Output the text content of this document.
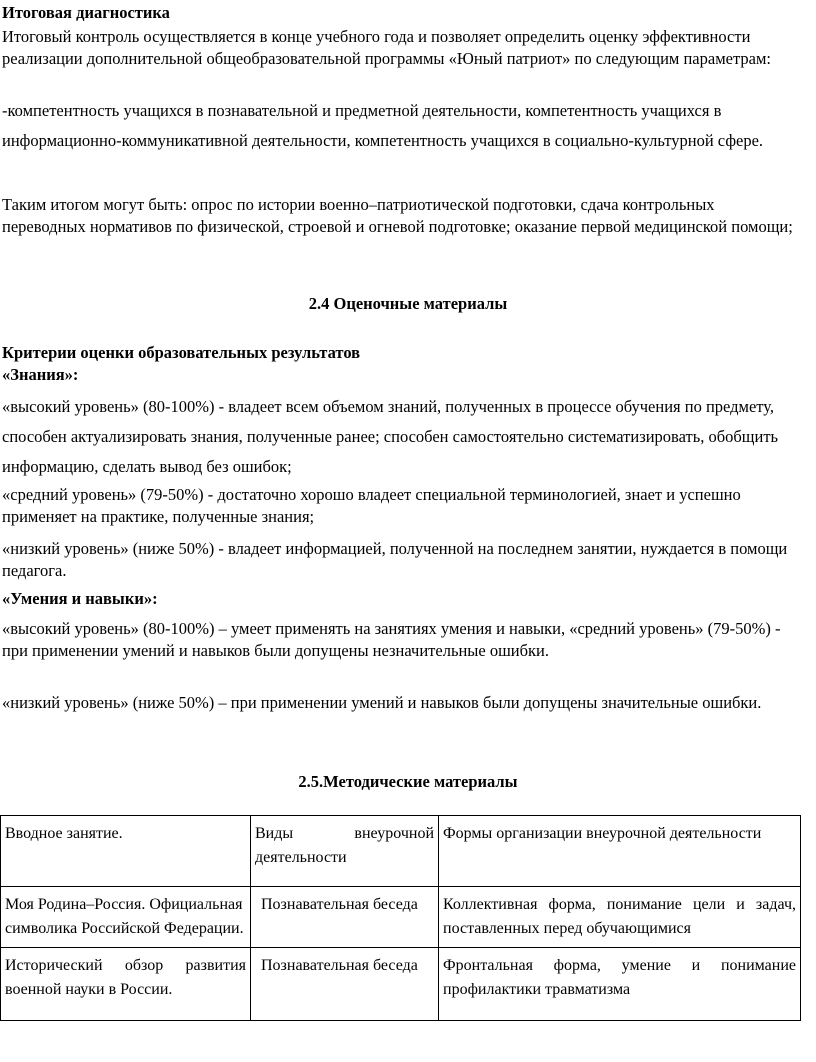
Итоговая диагностика

Итоговый контроль осуществляется в конце учебного года и позволяет определить оценку эффективности реализации дополнительной общеобразовательной программы «Юный патриот» по следующим параметрам:

-компетентность учащихся в познавательной и предметной деятельности, компетентность учащихся в информационно-коммуникативной деятельности, компетентность учащихся в социально-культурной сфере.

Таким итогом могут быть: опрос по истории военно–патриотической подготовки, сдача контрольных переводных нормативов по физической, строевой и огневой подготовке; оказание первой медицинской помощи;

2.4 Оценочные материалы

Критерии оценки образовательных результатов

«Знания»:

«высокий уровень» (80-100%) - владеет всем объемом знаний, полученных в процессе обучения по предмету, способен актуализировать знания, полученные ранее; способен самостоятельно систематизировать, обобщить информацию, сделать вывод без ошибок;

«средний уровень» (79-50%) - достаточно хорошо владеет специальной терминологией, знает и успешно применяет на практике, полученные знания;

«низкий уровень» (ниже 50%) - владеет информацией, полученной на последнем занятии, нуждается в помощи педагога.

«Умения и навыки»:

«высокий уровень» (80-100%) – умеет применять на занятиях умения и навыки, «средний уровень» (79-50%) - при применении умений и навыков были допущены незначительные ошибки.

«низкий уровень» (ниже 50%) – при применении умений и навыков были допущены значительные ошибки.

2.5.Методические материалы

Вводное занятие.	Виды внеурочной деятельности	Формы организации внеурочной деятельности
Моя Родина–Россия. Официальная символика Российской Федерации.	Познавательная беседа	Коллективная форма, понимание цели и задач, поставленных перед обучающимися
Исторический обзор развития военной науки в России.	Познавательная беседа	Фронтальная форма, умение и понимание профилактики травматизма
